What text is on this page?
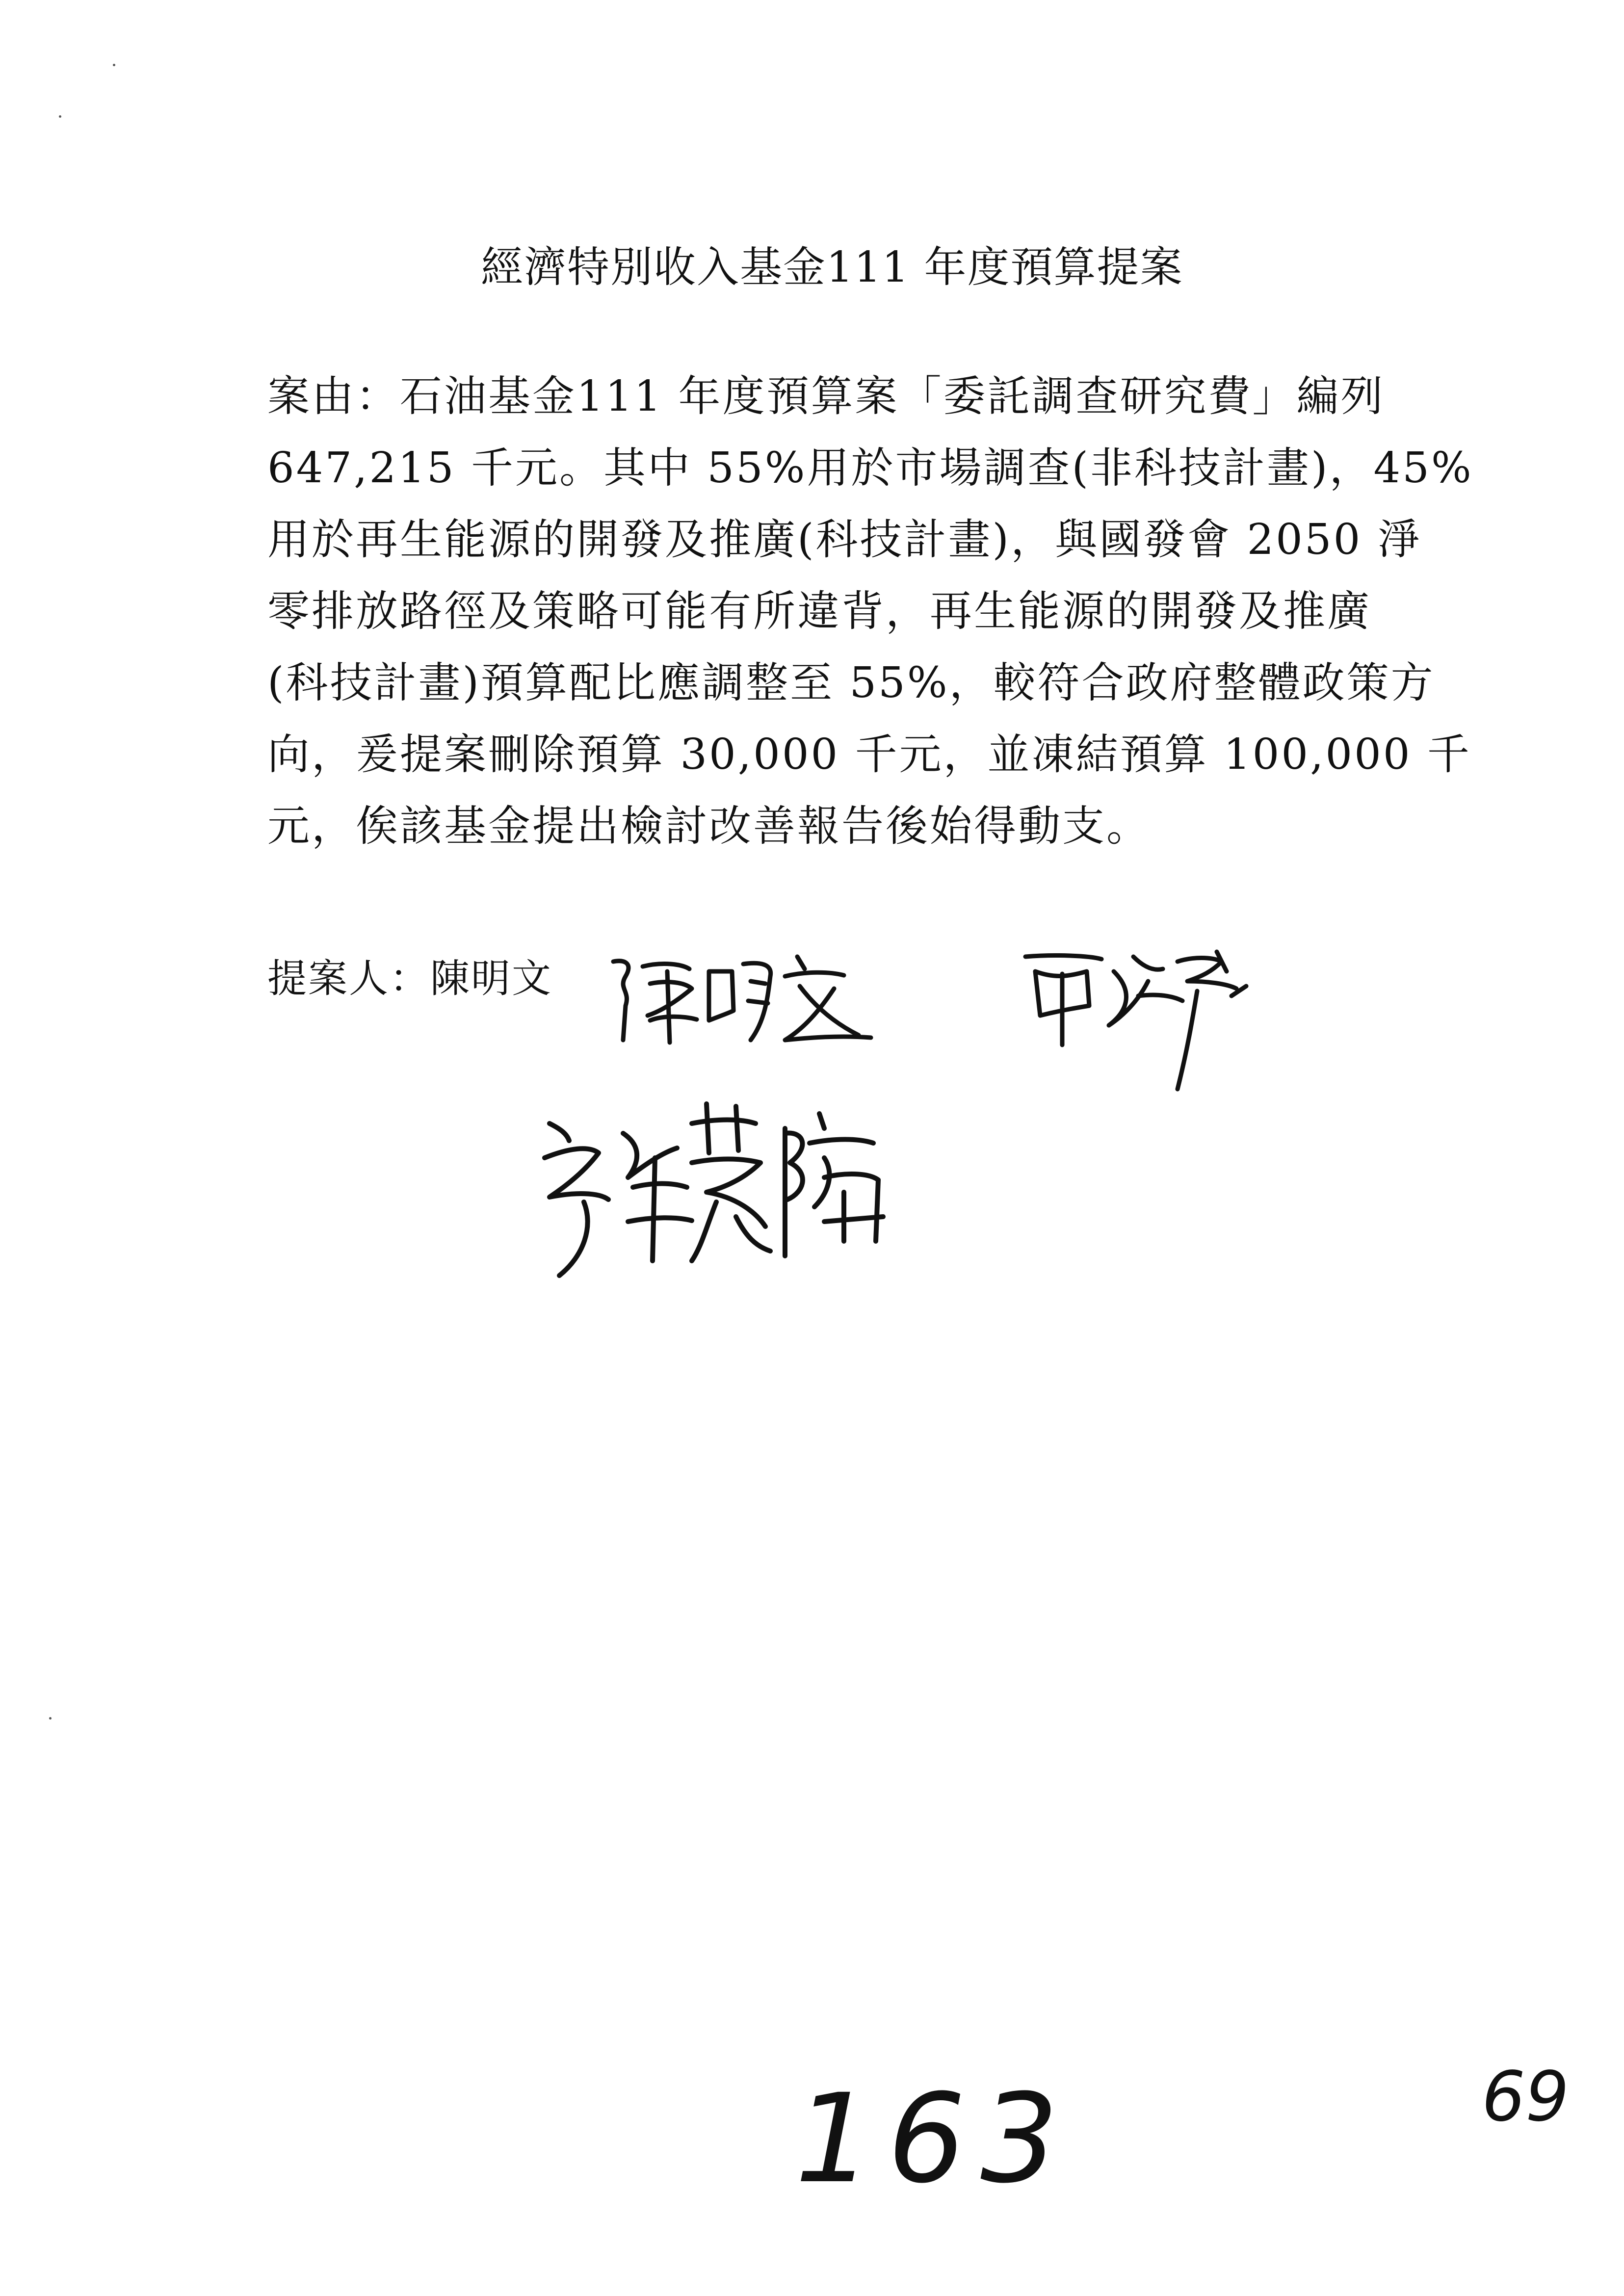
經濟特別收入基金111 年度預算提案
案由：石油基金111 年度預算案「委託調查研究費」編列
647,215 千元。其中 55%用於市場調查(非科技計畫)，45%
用於再生能源的開發及推廣(科技計畫)，與國發會 2050 淨
零排放路徑及策略可能有所違背，再生能源的開發及推廣
(科技計畫)預算配比應調整至 55%，較符合政府整體政策方
向，爰提案刪除預算 30,000 千元，並凍結預算 100,000 千
元，俟該基金提出檢討改善報告後始得動支。
提案人：陳明文
163	69
